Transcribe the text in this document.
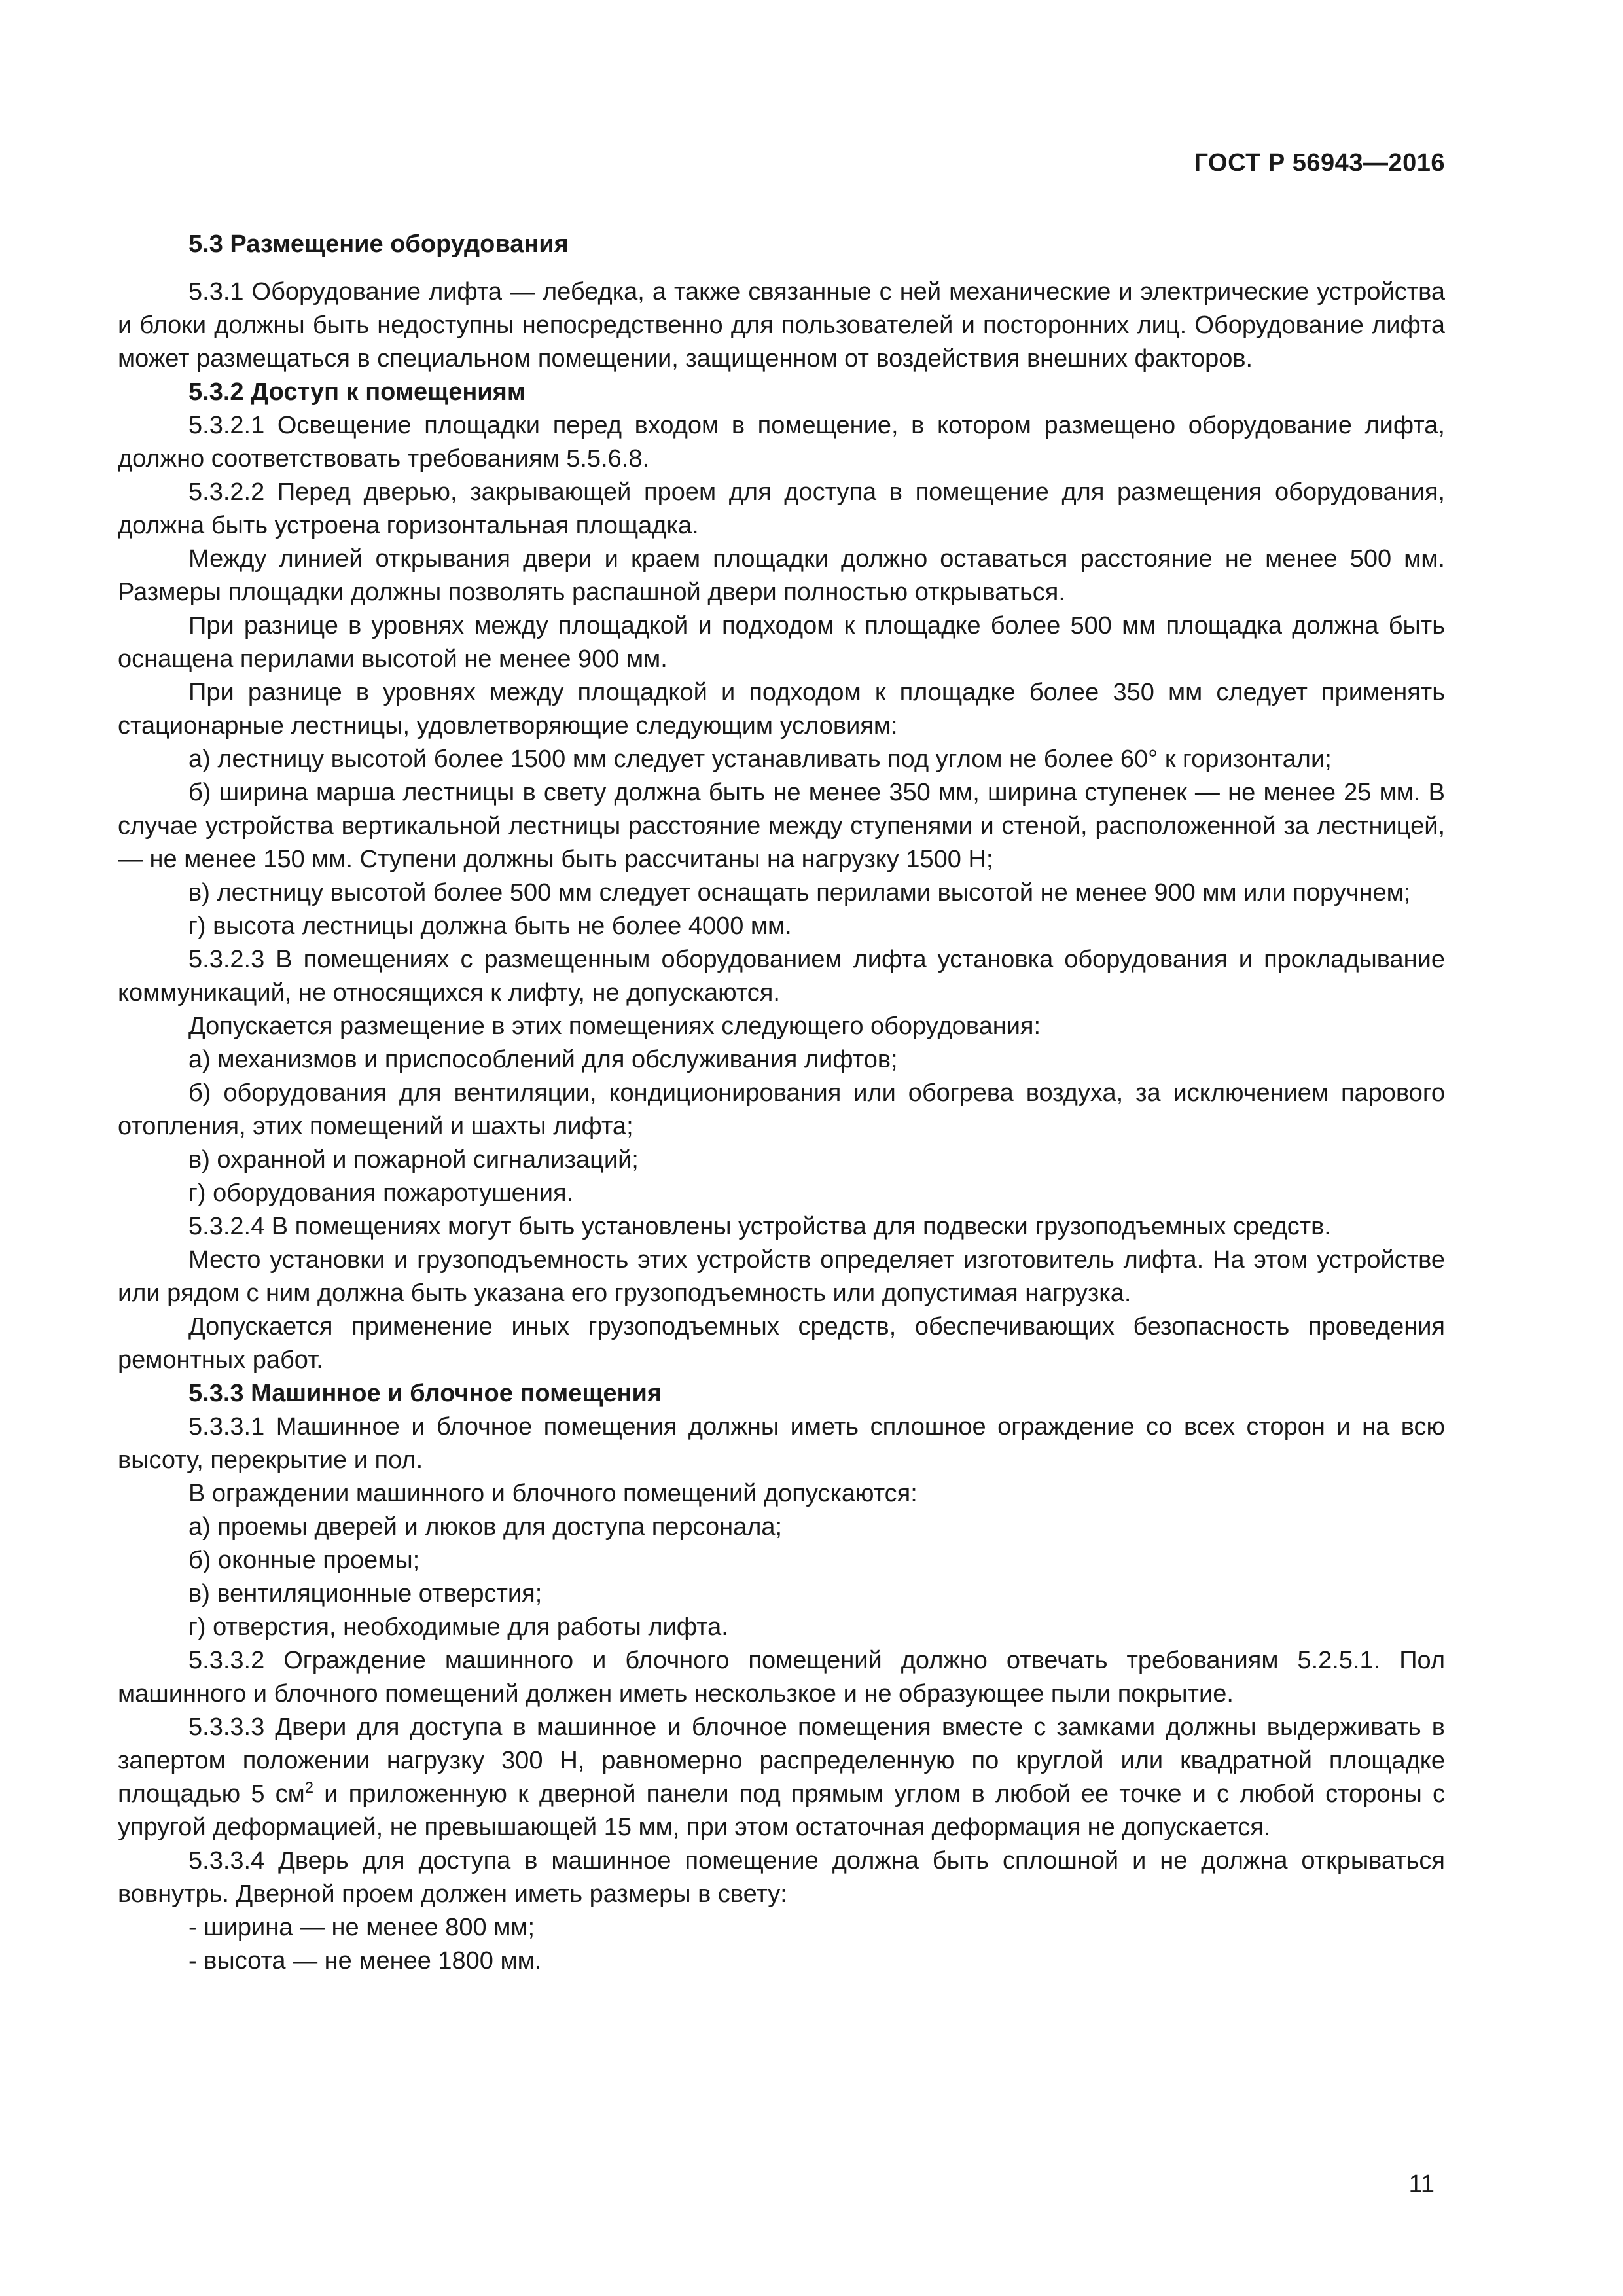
ГОСТ Р 56943—2016

5.3 Размещение оборудования

5.3.1 Оборудование лифта — лебедка, а также связанные с ней механические и электрические устройства и блоки должны быть недоступны непосредственно для пользователей и посторонних лиц. Оборудование лифта может размещаться в специальном помещении, защищенном от воздействия внешних факторов.

5.3.2 Доступ к помещениям

5.3.2.1 Освещение площадки перед входом в помещение, в котором размещено оборудование лифта, должно соответствовать требованиям 5.5.6.8.

5.3.2.2 Перед дверью, закрывающей проем для доступа в помещение для размещения оборудования, должна быть устроена горизонтальная площадка.

Между линией открывания двери и краем площадки должно оставаться расстояние не менее 500 мм. Размеры площадки должны позволять распашной двери полностью открываться.

При разнице в уровнях между площадкой и подходом к площадке более 500 мм площадка должна быть оснащена перилами высотой не менее 900 мм.

При разнице в уровнях между площадкой и подходом к площадке более 350 мм следует применять стационарные лестницы, удовлетворяющие следующим условиям:

а) лестницу высотой более 1500 мм следует устанавливать под углом не более 60° к горизонтали;

б) ширина марша лестницы в свету должна быть не менее 350 мм, ширина ступенек — не менее 25 мм. В случае устройства вертикальной лестницы расстояние между ступенями и стеной, расположенной за лестницей, — не менее 150 мм. Ступени должны быть рассчитаны на нагрузку 1500 Н;

в) лестницу высотой более 500 мм следует оснащать перилами высотой не менее 900 мм или поручнем;

г) высота лестницы должна быть не более 4000 мм.

5.3.2.3 В помещениях с размещенным оборудованием лифта установка оборудования и прокладывание коммуникаций, не относящихся к лифту, не допускаются.

Допускается размещение в этих помещениях следующего оборудования:

а) механизмов и приспособлений для обслуживания лифтов;

б) оборудования для вентиляции, кондиционирования или обогрева воздуха, за исключением парового отопления, этих помещений и шахты лифта;

в) охранной и пожарной сигнализаций;

г) оборудования пожаротушения.

5.3.2.4 В помещениях могут быть установлены устройства для подвески грузоподъемных средств.

Место установки и грузоподъемность этих устройств определяет изготовитель лифта. На этом устройстве или рядом с ним должна быть указана его грузоподъемность или допустимая нагрузка.

Допускается применение иных грузоподъемных средств, обеспечивающих безопасность проведения ремонтных работ.

5.3.3 Машинное и блочное помещения

5.3.3.1 Машинное и блочное помещения должны иметь сплошное ограждение со всех сторон и на всю высоту, перекрытие и пол.

В ограждении машинного и блочного помещений допускаются:

а) проемы дверей и люков для доступа персонала;

б) оконные проемы;

в) вентиляционные отверстия;

г) отверстия, необходимые для работы лифта.

5.3.3.2 Ограждение машинного и блочного помещений должно отвечать требованиям 5.2.5.1. Пол машинного и блочного помещений должен иметь нескользкое и не образующее пыли покрытие.

5.3.3.3 Двери для доступа в машинное и блочное помещения вместе с замками должны выдерживать в запертом положении нагрузку 300 Н, равномерно распределенную по круглой или квадратной площадке площадью 5 $см^2$ и приложенную к дверной панели под прямым углом в любой ее точке и с любой стороны с упругой деформацией, не превышающей 15 мм, при этом остаточная деформация не допускается.

5.3.3.4 Дверь для доступа в машинное помещение должна быть сплошной и не должна открываться вовнутрь. Дверной проем должен иметь размеры в свету:

- ширина — не менее 800 мм;

- высота — не менее 1800 мм.

11
